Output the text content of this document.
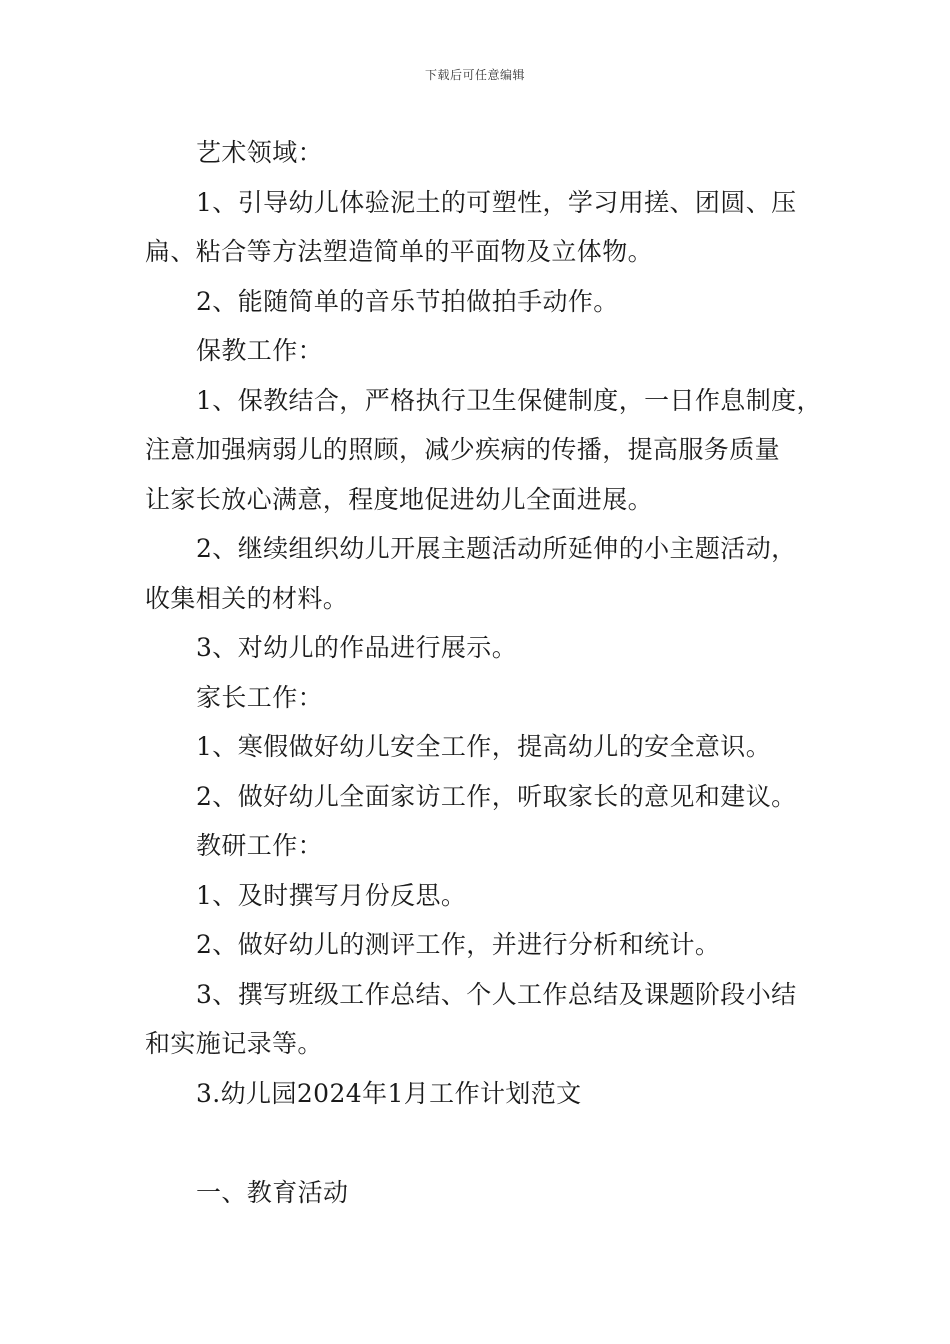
下载后可任意编辑
艺术领域：
1、引导幼儿体验泥土的可塑性，学习用搓、团圆、压
扁、粘合等方法塑造简单的平面物及立体物。
2、能随简单的音乐节拍做拍手动作。
保教工作：
1、保教结合，严格执行卫生保健制度，一日作息制度，
注意加强病弱儿的照顾，减少疾病的传播，提高服务质量
让家长放心满意，程度地促进幼儿全面进展。
2、继续组织幼儿开展主题活动所延伸的小主题活动，
收集相关的材料。
3、对幼儿的作品进行展示。
家长工作：
1、寒假做好幼儿安全工作，提高幼儿的安全意识。
2、做好幼儿全面家访工作，听取家长的意见和建议。
教研工作：
1、及时撰写月份反思。
2、做好幼儿的测评工作，并进行分析和统计。
3、撰写班级工作总结、个人工作总结及课题阶段小结
和实施记录等。
3.幼儿园2024年1月工作计划范文
一、教育活动
